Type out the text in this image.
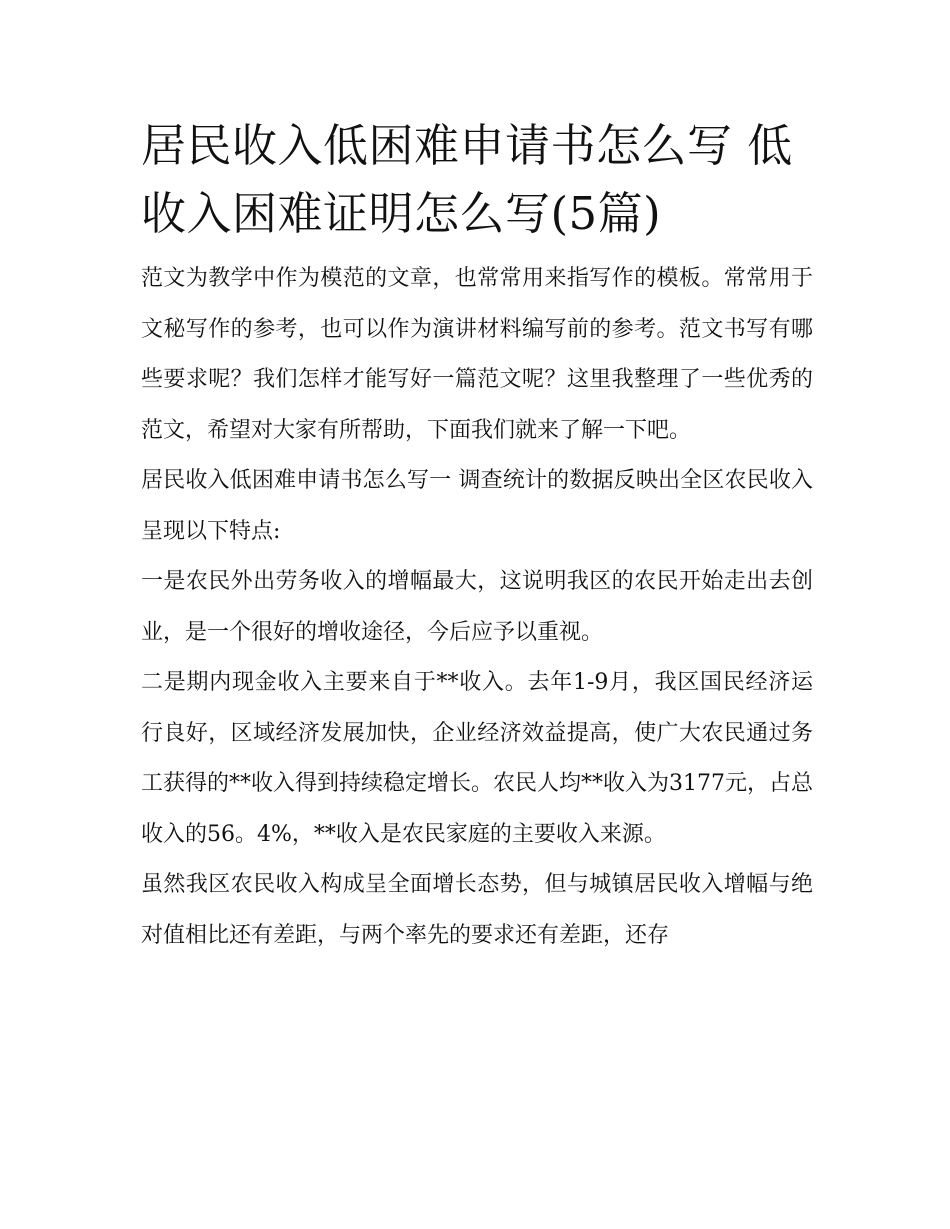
居民收入低困难申请书怎么写 低收入困难证明怎么写(5篇)

范文为教学中作为模范的文章，也常常用来指写作的模板。常常用于文秘写作的参考，也可以作为演讲材料编写前的参考。范文书写有哪些要求呢？我们怎样才能写好一篇范文呢？这里我整理了一些优秀的范文，希望对大家有所帮助，下面我们就来了解一下吧。

居民收入低困难申请书怎么写一 调查统计的数据反映出全区农民收入呈现以下特点:

一是农民外出劳务收入的增幅最大，这说明我区的农民开始走出去创业，是一个很好的增收途径，今后应予以重视。

二是期内现金收入主要来自于**收入。去年1-9月，我区国民经济运行良好，区域经济发展加快，企业经济效益提高，使广大农民通过务工获得的**收入得到持续稳定增长。农民人均**收入为3177元，占总收入的56。4%，**收入是农民家庭的主要收入来源。

虽然我区农民收入构成呈全面增长态势，但与城镇居民收入增幅与绝对值相比还有差距，与两个率先的要求还有差距，还存
